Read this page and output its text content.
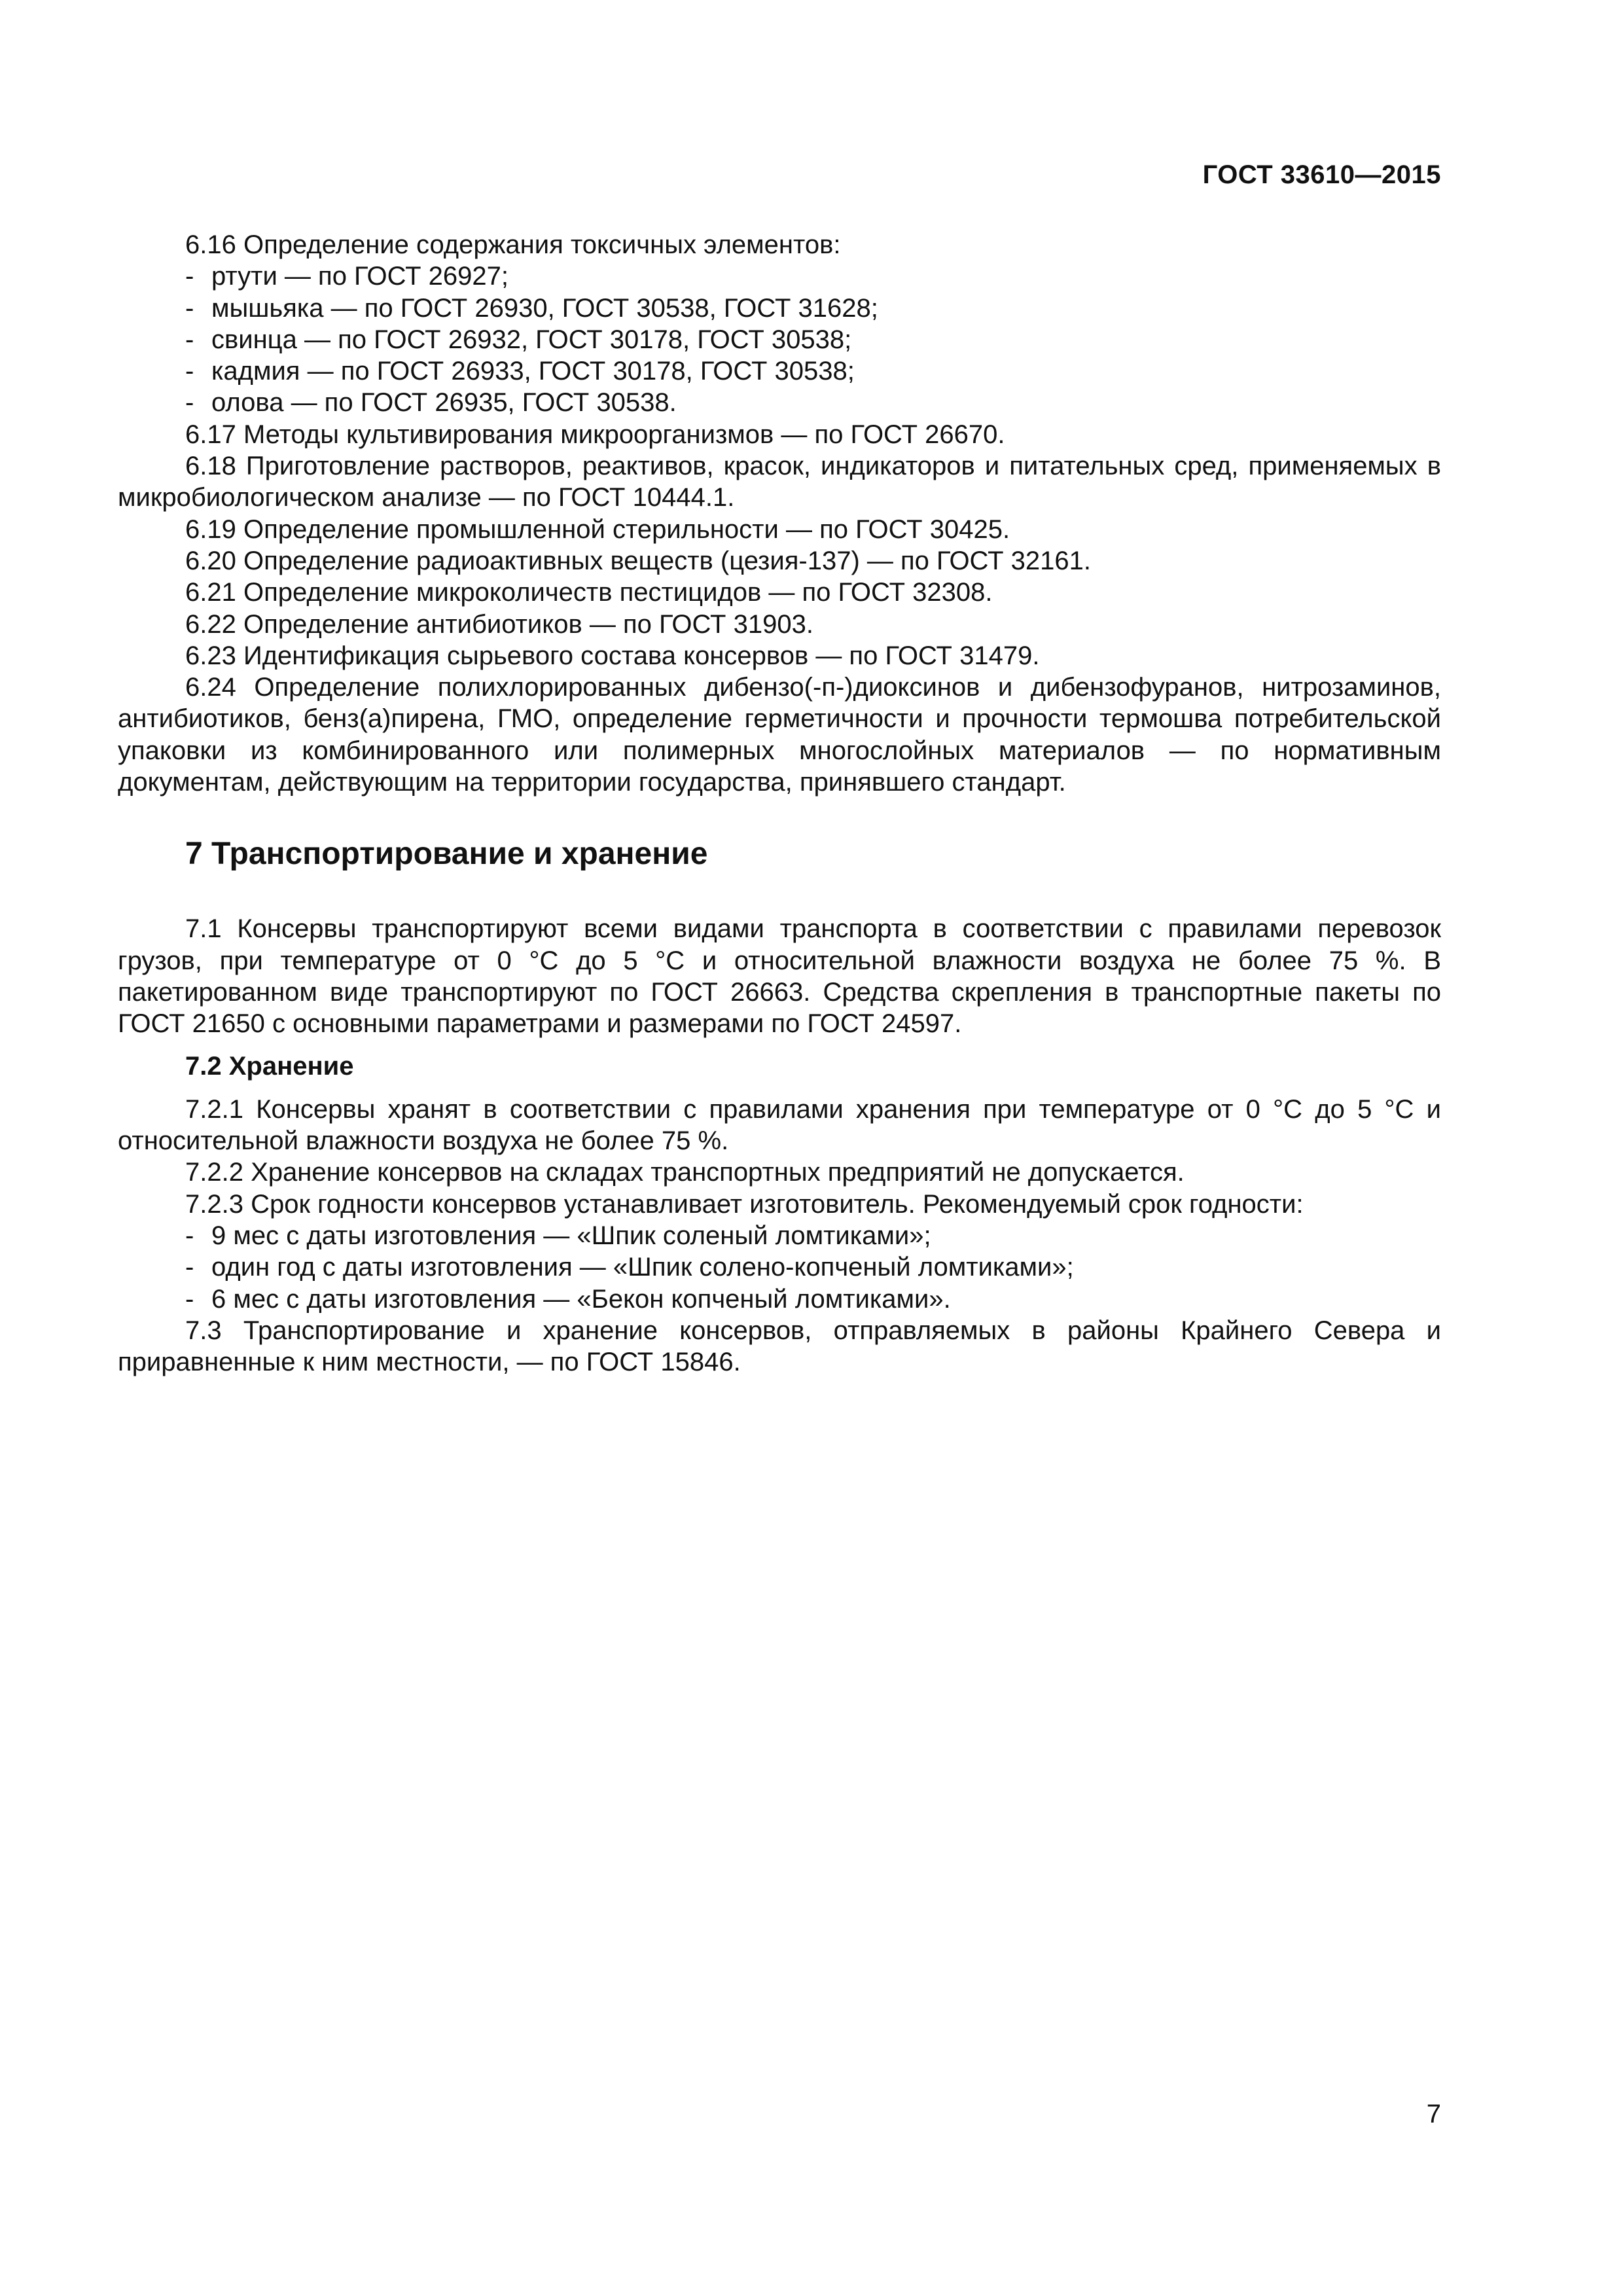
ГОСТ 33610—2015

6.16 Определение содержания токсичных элементов:

- ртути — по ГОСТ 26927;

- мышьяка — по ГОСТ 26930, ГОСТ 30538, ГОСТ 31628;

- свинца — по ГОСТ 26932, ГОСТ 30178, ГОСТ 30538;

- кадмия — по ГОСТ 26933, ГОСТ 30178, ГОСТ 30538;

- олова — по ГОСТ 26935, ГОСТ 30538.

6.17 Методы культивирования микроорганизмов — по ГОСТ 26670.

6.18 Приготовление растворов, реактивов, красок, индикаторов и питательных сред, применяемых в микробиологическом анализе — по ГОСТ 10444.1.

6.19 Определение промышленной стерильности — по ГОСТ 30425.

6.20 Определение радиоактивных веществ (цезия-137) — по ГОСТ 32161.

6.21 Определение микроколичеств пестицидов — по ГОСТ 32308.

6.22 Определение антибиотиков — по ГОСТ 31903.

6.23 Идентификация сырьевого состава консервов — по ГОСТ 31479.

6.24 Определение полихлорированных дибензо(-п-)диоксинов и дибензофуранов, нитрозаминов, антибиотиков, бенз(а)пирена, ГМО, определение герметичности и прочности термошва потребительской упаковки из комбинированного или полимерных многослойных материалов — по нормативным документам, действующим на территории государства, принявшего стандарт.

7 Транспортирование и хранение

7.1 Консервы транспортируют всеми видами транспорта в соответствии с правилами перевозок грузов, при температуре от 0 °С до 5 °С и относительной влажности воздуха не более 75 %. В пакетированном виде транспортируют по ГОСТ 26663. Средства скрепления в транспортные пакеты по ГОСТ 21650 с основными параметрами и размерами по ГОСТ 24597.

7.2 Хранение

7.2.1 Консервы хранят в соответствии с правилами хранения при температуре от 0 °С до 5 °С и относительной влажности воздуха не более 75 %.

7.2.2 Хранение консервов на складах транспортных предприятий не допускается.

7.2.3 Срок годности консервов устанавливает изготовитель. Рекомендуемый срок годности:

- 9 мес с даты изготовления — «Шпик соленый ломтиками»;

- один год с даты изготовления — «Шпик солено-копченый ломтиками»;

- 6 мес с даты изготовления — «Бекон копченый ломтиками».

7.3 Транспортирование и хранение консервов, отправляемых в районы Крайнего Севера и приравненные к ним местности, — по ГОСТ 15846.

7
